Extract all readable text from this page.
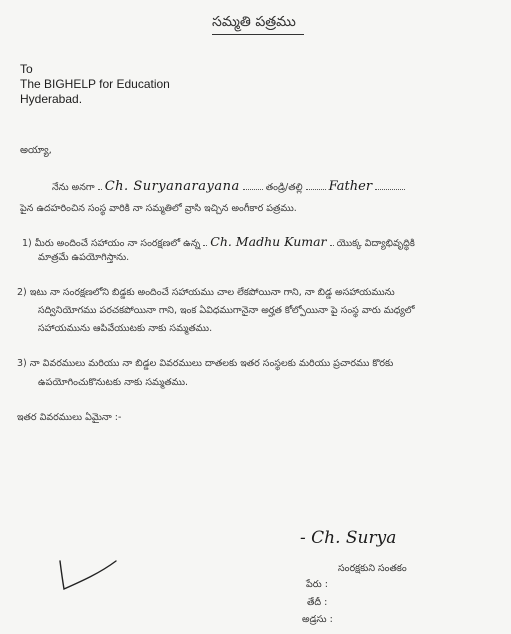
సమ్మతి పత్రము
To
The BIGHELP for Education
Hyderabad.
అయ్యా,
నేను అనగా Ch. Suryanarayana	తండ్రి/తల్లి Father
పైన ఉదహరించిన సంస్థ వారికి నా సమ్మతిలో వ్రాసి ఇచ్చిన అంగీకార పత్రము.
1) మీరు అందించే సహాయం నా సంరక్షణలో ఉన్న Ch. Madhu Kumar యొక్క విద్యాభివృద్ధికి
మాత్రమే ఉపయోగిస్తాను.
2) ఇటు నా సంరక్షణలోని బిడ్డకు అందించే సహాయము చాల లేకపోయినా గాని, నా బిడ్డ అసహాయమును
సద్వినియోగము పరచకపోయినా గాని, ఇంక ఏవిధముగానైనా అర్హత కోల్పోయినా పై సంస్థ వారు మధ్యలో
సహాయమును ఆపివేయుటకు నాకు సమ్మతము.
3) నా వివరములు మరియు నా బిడ్డల వివరములు దాతలకు ఇతర సంస్థలకు మరియు ప్రచారము కొరకు
ఉపయోగించుకొనుటకు నాకు సమ్మతము.
ఇతర వివరములు ఏమైనా :-
- Ch. Surya
సంరక్షకుని సంతకం
పేరు :
తేదీ :
అడ్రసు :
